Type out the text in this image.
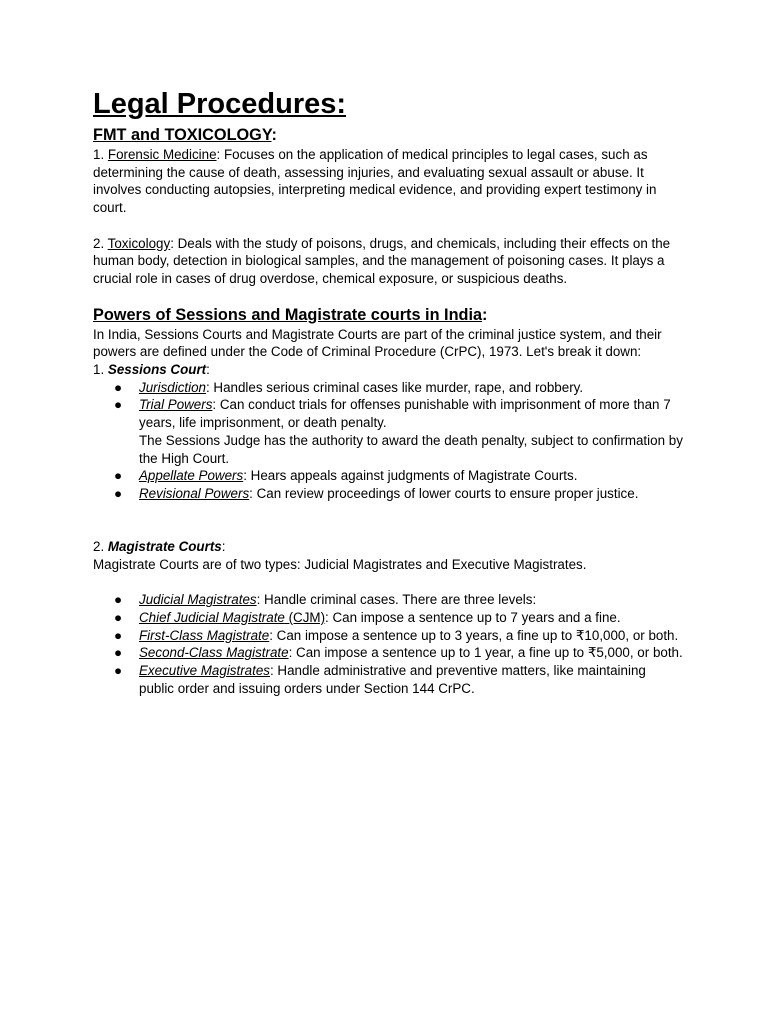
Legal Procedures:
FMT and TOXICOLOGY:

1. Forensic Medicine: Focuses on the application of medical principles to legal cases, such as determining the cause of death, assessing injuries, and evaluating sexual assault or abuse. It involves conducting autopsies, interpreting medical evidence, and providing expert testimony in court.

2. Toxicology: Deals with the study of poisons, drugs, and chemicals, including their effects on the human body, detection in biological samples, and the management of poisoning cases. It plays a crucial role in cases of drug overdose, chemical exposure, or suspicious deaths.

Powers of Sessions and Magistrate courts in India:

In India, Sessions Courts and Magistrate Courts are part of the criminal justice system, and their powers are defined under the Code of Criminal Procedure (CrPC), 1973. Let's break it down:

1. Sessions Court:

● Jurisdiction: Handles serious criminal cases like murder, rape, and robbery.
● Trial Powers: Can conduct trials for offenses punishable with imprisonment of more than 7 years, life imprisonment, or death penalty.
The Sessions Judge has the authority to award the death penalty, subject to confirmation by the High Court.
● Appellate Powers: Hears appeals against judgments of Magistrate Courts.
● Revisional Powers: Can review proceedings of lower courts to ensure proper justice.

2. Magistrate Courts:

Magistrate Courts are of two types: Judicial Magistrates and Executive Magistrates.

● Judicial Magistrates: Handle criminal cases. There are three levels:
● Chief Judicial Magistrate (CJM): Can impose a sentence up to 7 years and a fine.
● First-Class Magistrate: Can impose a sentence up to 3 years, a fine up to ₹10,000, or both.
● Second-Class Magistrate: Can impose a sentence up to 1 year, a fine up to ₹5,000, or both.
● Executive Magistrates: Handle administrative and preventive matters, like maintaining public order and issuing orders under Section 144 CrPC.
